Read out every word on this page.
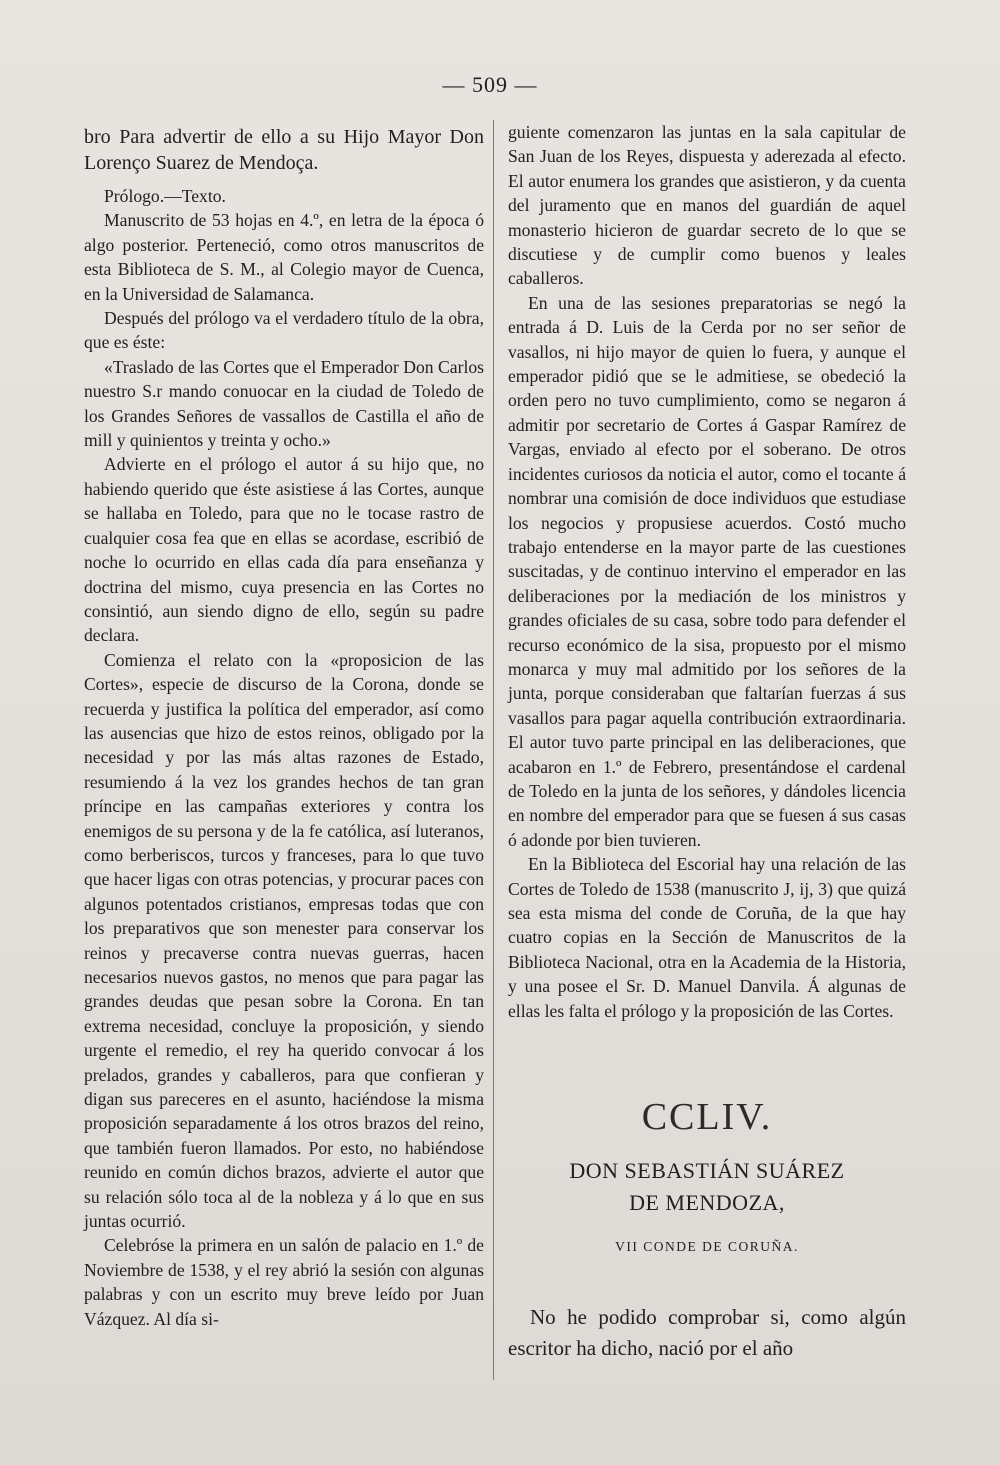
— 509 —

bro Para advertir de ello a su Hijo Mayor Don Lorenço Suarez de Mendoça.

Prólogo.—Texto.

Manuscrito de 53 hojas en 4.º, en letra de la época ó algo posterior. Perteneció, como otros manuscritos de esta Biblioteca de S. M., al Colegio mayor de Cuenca, en la Universidad de Salamanca.

Después del prólogo va el verdadero título de la obra, que es éste:

«Traslado de las Cortes que el Emperador Don Carlos nuestro S.r mando conuocar en la ciudad de Toledo de los Grandes Señores de vassallos de Castilla el año de mill y quinientos y treinta y ocho.»

Advierte en el prólogo el autor á su hijo que, no habiendo querido que éste asistiese á las Cortes, aunque se hallaba en Toledo, para que no le tocase rastro de cualquier cosa fea que en ellas se acordase, escribió de noche lo ocurrido en ellas cada día para enseñanza y doctrina del mismo, cuya presencia en las Cortes no consintió, aun siendo digno de ello, según su padre declara.

Comienza el relato con la «proposicion de las Cortes», especie de discurso de la Corona, donde se recuerda y justifica la política del emperador, así como las ausencias que hizo de estos reinos, obligado por la necesidad y por las más altas razones de Estado, resumiendo á la vez los grandes hechos de tan gran príncipe en las campañas exteriores y contra los enemigos de su persona y de la fe católica, así luteranos, como berberiscos, turcos y franceses, para lo que tuvo que hacer ligas con otras potencias, y procurar paces con algunos potentados cristianos, empresas todas que con los preparativos que son menester para conservar los reinos y precaverse contra nuevas guerras, hacen necesarios nuevos gastos, no menos que para pagar las grandes deudas que pesan sobre la Corona. En tan extrema necesidad, concluye la proposición, y siendo urgente el remedio, el rey ha querido convocar á los prelados, grandes y caballeros, para que confieran y digan sus pareceres en el asunto, haciéndose la misma proposición separadamente á los otros brazos del reino, que también fueron llamados. Por esto, no habiéndose reunido en común dichos brazos, advierte el autor que su relación sólo toca al de la nobleza y á lo que en sus juntas ocurrió.

Celebróse la primera en un salón de palacio en 1.º de Noviembre de 1538, y el rey abrió la sesión con algunas palabras y con un escrito muy breve leído por Juan Vázquez. Al día si-

guiente comenzaron las juntas en la sala capitular de San Juan de los Reyes, dispuesta y aderezada al efecto. El autor enumera los grandes que asistieron, y da cuenta del juramento que en manos del guardián de aquel monasterio hicieron de guardar secreto de lo que se discutiese y de cumplir como buenos y leales caballeros.

En una de las sesiones preparatorias se negó la entrada á D. Luis de la Cerda por no ser señor de vasallos, ni hijo mayor de quien lo fuera, y aunque el emperador pidió que se le admitiese, se obedeció la orden pero no tuvo cumplimiento, como se negaron á admitir por secretario de Cortes á Gaspar Ramírez de Vargas, enviado al efecto por el soberano. De otros incidentes curiosos da noticia el autor, como el tocante á nombrar una comisión de doce individuos que estudiase los negocios y propusiese acuerdos. Costó mucho trabajo entenderse en la mayor parte de las cuestiones suscitadas, y de continuo intervino el emperador en las deliberaciones por la mediación de los ministros y grandes oficiales de su casa, sobre todo para defender el recurso económico de la sisa, propuesto por el mismo monarca y muy mal admitido por los señores de la junta, porque consideraban que faltarían fuerzas á sus vasallos para pagar aquella contribución extraordinaria. El autor tuvo parte principal en las deliberaciones, que acabaron en 1.º de Febrero, presentándose el cardenal de Toledo en la junta de los señores, y dándoles licencia en nombre del emperador para que se fuesen á sus casas ó adonde por bien tuvieren.

En la Biblioteca del Escorial hay una relación de las Cortes de Toledo de 1538 (manuscrito J, ij, 3) que quizá sea esta misma del conde de Coruña, de la que hay cuatro copias en la Sección de Manuscritos de la Biblioteca Nacional, otra en la Academia de la Historia, y una posee el Sr. D. Manuel Danvila. Á algunas de ellas les falta el prólogo y la proposición de las Cortes.

CCLIV.
DON SEBASTIÁN SUÁREZ
DE MENDOZA,
VII CONDE DE CORUÑA.

No he podido comprobar si, como algún escritor ha dicho, nació por el año
